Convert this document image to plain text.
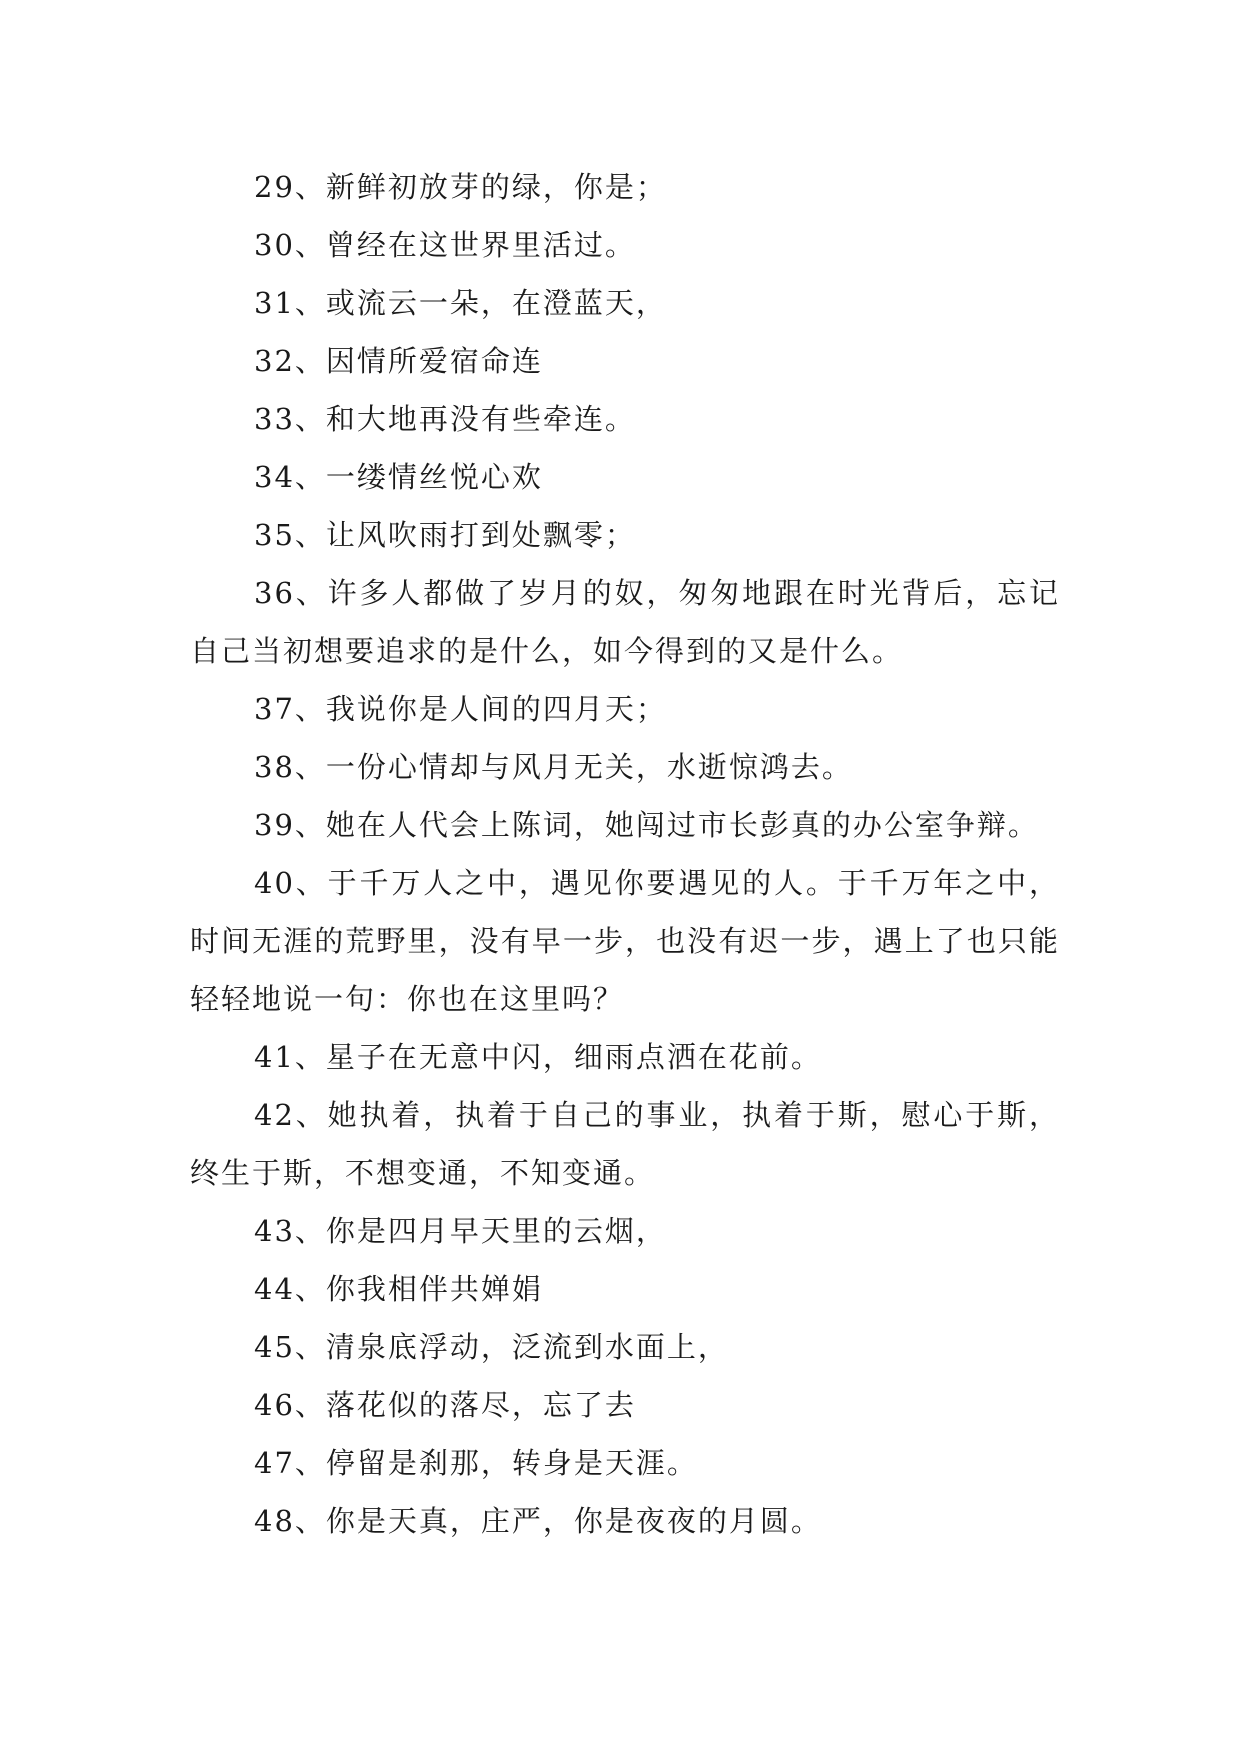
29、新鲜初放芽的绿，你是；

30、曾经在这世界里活过。

31、或流云一朵，在澄蓝天，

32、因情所爱宿命连

33、和大地再没有些牵连。

34、一缕情丝悦心欢

35、让风吹雨打到处飘零；

36、许多人都做了岁月的奴，匆匆地跟在时光背后，忘记自己当初想要追求的是什么，如今得到的又是什么。

37、我说你是人间的四月天；

38、一份心情却与风月无关，水逝惊鸿去。

39、她在人代会上陈词，她闯过市长彭真的办公室争辩。

40、于千万人之中，遇见你要遇见的人。于千万年之中，时间无涯的荒野里，没有早一步，也没有迟一步，遇上了也只能轻轻地说一句：你也在这里吗？

41、星子在无意中闪，细雨点洒在花前。

42、她执着，执着于自己的事业，执着于斯，慰心于斯，终生于斯，不想变通，不知变通。

43、你是四月早天里的云烟，

44、你我相伴共婵娟

45、清泉底浮动，泛流到水面上，

46、落花似的落尽，忘了去

47、停留是刹那，转身是天涯。

48、你是天真，庄严，你是夜夜的月圆。
